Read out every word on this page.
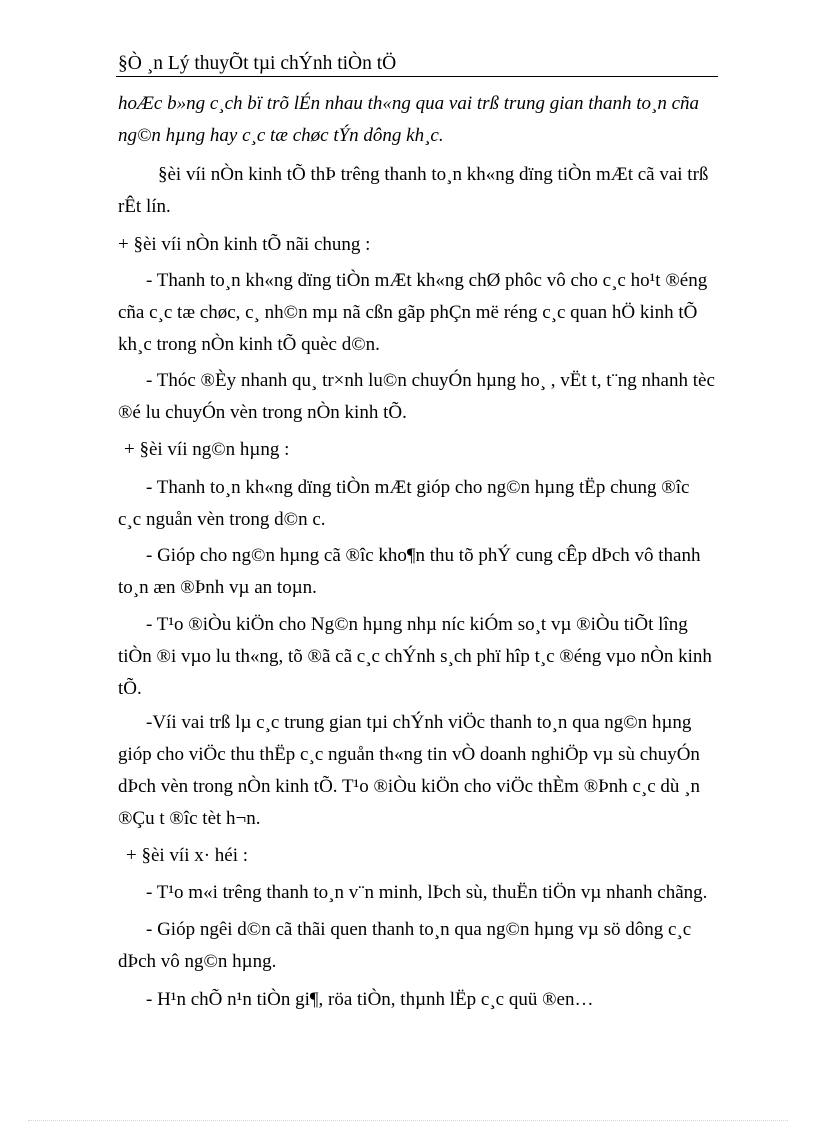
§Ò ¸n Lý thuyÕt tµi chÝnh tiÒn tÖ
hoÆc b»ng c¸ch bï trõ lÉn nhau th«ng qua vai trß trung gian thanh to¸n cña
ng©n hµng hay c¸c tæ chøc tÝn dông kh¸c.
§èi víi nÒn kinh tÕ thÞ trêng thanh to¸n kh«ng dïng tiÒn mÆt cã vai trß
rÊt lín.
+ §èi víi nÒn kinh tÕ nãi chung :
- Thanh to¸n kh«ng dïng tiÒn mÆt kh«ng chØ phôc vô cho c¸c ho¹t ®éng
cña c¸c tæ chøc, c¸ nh©n mµ nã cßn gãp phÇn më réng c¸c quan hÖ kinh tÕ
kh¸c trong nÒn kinh tÕ quèc d©n.
- Thóc ®Èy nhanh qu¸ tr×nh lu©n chuyÓn hµng ho¸ , vËt t, t¨ng nhanh tèc
®é lu chuyÓn vèn trong nÒn kinh tÕ.
+ §èi víi ng©n hµng :
- Thanh to¸n kh«ng dïng tiÒn mÆt gióp cho ng©n hµng tËp chung ®îc
c¸c nguån vèn trong d©n c.
- Gióp cho ng©n hµng cã ®îc kho¶n thu tõ phÝ cung cÊp dÞch vô thanh
to¸n æn ®Þnh vµ an toµn.
- T¹o ®iÒu kiÖn cho Ng©n hµng nhµ níc kiÓm so¸t vµ ®iÒu tiÕt lîng
tiÒn ®i vµo lu th«ng, tõ ®ã cã c¸c chÝnh s¸ch phï hîp t¸c ®éng vµo nÒn kinh
tÕ.
-Víi vai trß lµ c¸c trung gian tµi chÝnh viÖc thanh to¸n qua ng©n hµng
gióp cho viÖc thu thËp c¸c nguån th«ng tin vÒ doanh nghiÖp vµ sù chuyÓn
dÞch vèn trong nÒn kinh tÕ. T¹o ®iÒu kiÖn cho viÖc thÈm ®Þnh c¸c dù ¸n
®Çu t ®îc tèt h¬n.
+ §èi víi x· héi :
- T¹o m«i trêng thanh to¸n v¨n minh, lÞch sù, thuËn tiÖn vµ nhanh chãng.
- Gióp ngêi d©n cã thãi quen thanh to¸n qua ng©n hµng vµ sö dông c¸c
dÞch vô ng©n hµng.
- H¹n chÕ n¹n tiÒn gi¶, röa tiÒn, thµnh lËp c¸c quü ®en…
